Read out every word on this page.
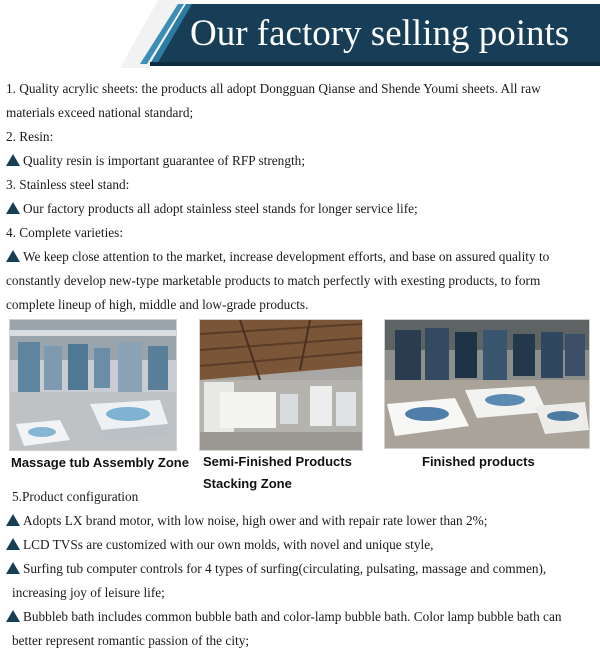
Our factory selling points
1. Quality acrylic sheets: the products all adopt Dongguan Qianse and Shende Youmi sheets. All raw
materials exceed national standard;
2. Resin:
Quality resin is important guarantee of RFP strength;
3. Stainless steel stand:
Our factory products all adopt stainless steel stands for longer service life;
4. Complete varieties:
We keep close attention to the market, increase development efforts, and base on assured quality to
constantly develop new-type marketable products to match perfectly with exesting products, to form
complete lineup of high, middle and low-grade products.
Massage tub Assembly Zone Semi-Finished Products
Stacking Zone
Finished products
5.Product configuration
Adopts LX brand motor, with low noise, high ower and with repair rate lower than 2%;
LCD TVSs are customized with our own molds, with novel and unique style,
Surfing tub computer controls for 4 types of surfing(circulating, pulsating, massage and commen),
increasing joy of leisure life;
Bubbleb bath includes common bubble bath and color-lamp bubble bath. Color lamp bubble bath can
better represent romantic passion of the city;
